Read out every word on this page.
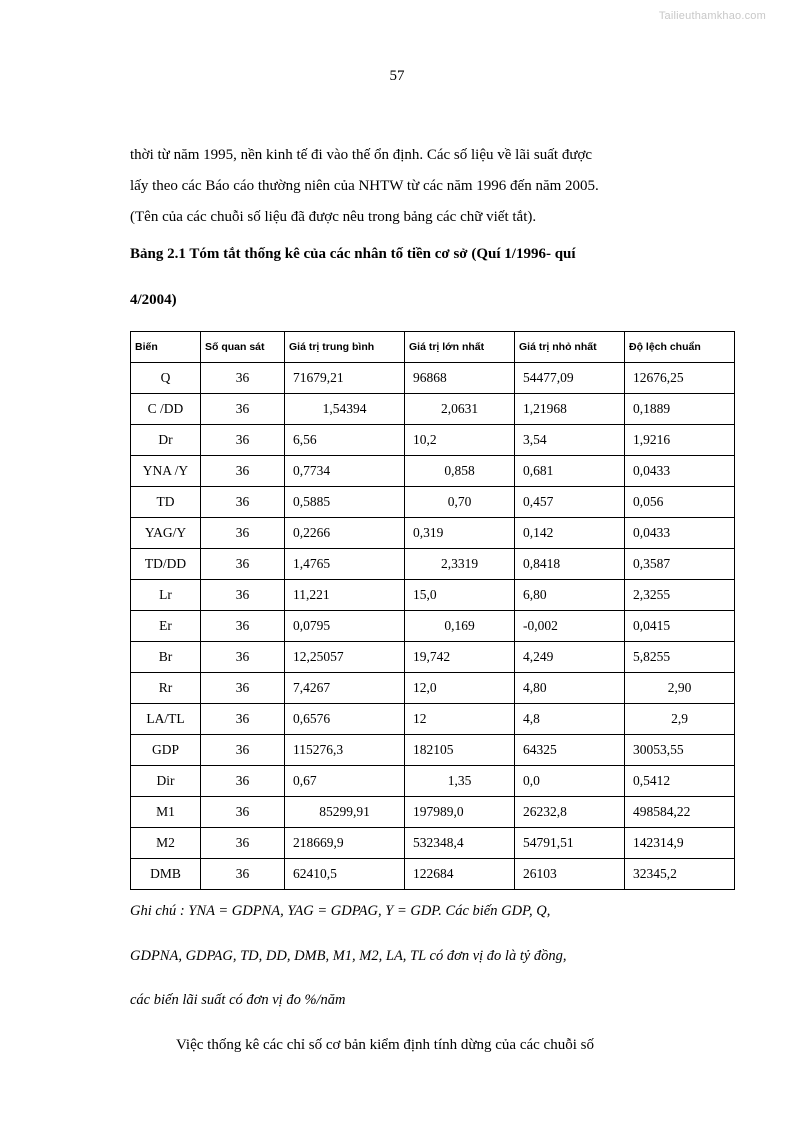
Tailieuthamkhao.com
57

thời từ năm 1995, nền kinh tế đi vào thế ổn định. Các số liệu về lãi suất được

lấy theo các Báo cáo thường niên của NHTW từ các năm 1996 đến năm 2005.

(Tên của các chuỗi số liệu đã được nêu trong bảng các chữ viết tắt).

Bảng 2.1 Tóm tắt thống kê của các nhân tố tiền cơ sở (Quí 1/1996- quí

4/2004)

Biến	Số quan sát	Giá trị trung bình	Giá trị lớn nhất	Giá trị nhỏ nhất	Độ lệch chuẩn
Q	36	71679,21	96868	54477,09	12676,25
C /DD	36	1,54394	2,0631	1,21968	0,1889
Dr	36	6,56	10,2	3,54	1,9216
YNA /Y	36	0,7734	0,858	0,681	0,0433
TD	36	0,5885	0,70	0,457	0,056
YAG/Y	36	0,2266	0,319	0,142	0,0433
TD/DD	36	1,4765	2,3319	0,8418	0,3587
Lr	36	11,221	15,0	6,80	2,3255
Er	36	0,0795	0,169	-0,002	0,0415
Br	36	12,25057	19,742	4,249	5,8255
Rr	36	7,4267	12,0	4,80	2,90
LA/TL	36	0,6576	12	4,8	2,9
GDP	36	115276,3	182105	64325	30053,55
Dir	36	0,67	1,35	0,0	0,5412
M1	36	85299,91	197989,0	26232,8	498584,22
M2	36	218669,9	532348,4	54791,51	142314,9
DMB	36	62410,5	122684	26103	32345,2

Ghi chú : YNA = GDPNA, YAG = GDPAG, Y = GDP. Các biến GDP, Q,

GDPNA, GDPAG, TD, DD, DMB, M1, M2, LA, TL có đơn vị đo là tỷ đồng,

các biến lãi suất có đơn vị đo %/năm

Việc thống kê các chỉ số cơ bản kiểm định tính dừng của các chuỗi số
